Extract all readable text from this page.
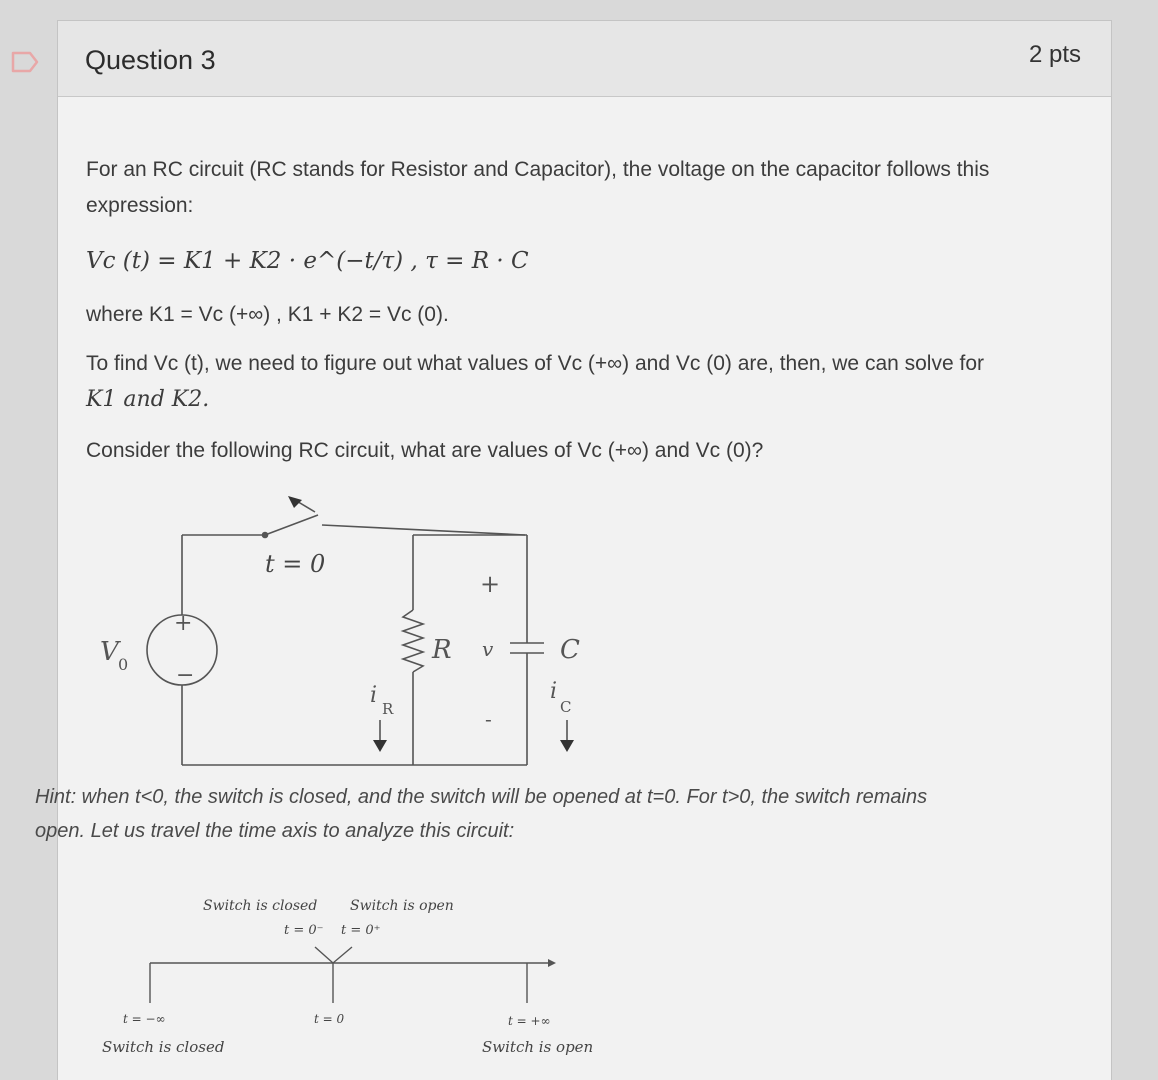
Question 3	2 pts
For an RC circuit (RC stands for Resistor and Capacitor), the voltage on the capacitor follows this expression:
Vc (t) = K1 + K2 · e^(−t/τ) , τ = R · C
where K1 = Vc (+∞) , K1 + K2 = Vc (0).
To find Vc (t), we need to figure out what values of Vc (+∞) and Vc (0) are, then, we can solve for
K1 and K2.
Consider the following RC circuit, what are values of Vc (+∞) and Vc (0)?
t = 0
+
−
V 0	R v
+
-
C
i
R
i
C
Hint: when t<0, the switch is closed, and the switch will be opened at t=0. For t>0, the switch remains
open. Let us travel the time axis to analyze this circuit:
Switch is closed Switch is open
t = 0⁻ t = 0⁺
t = −∞	t = 0	t = +∞
Switch is closed	Switch is open
